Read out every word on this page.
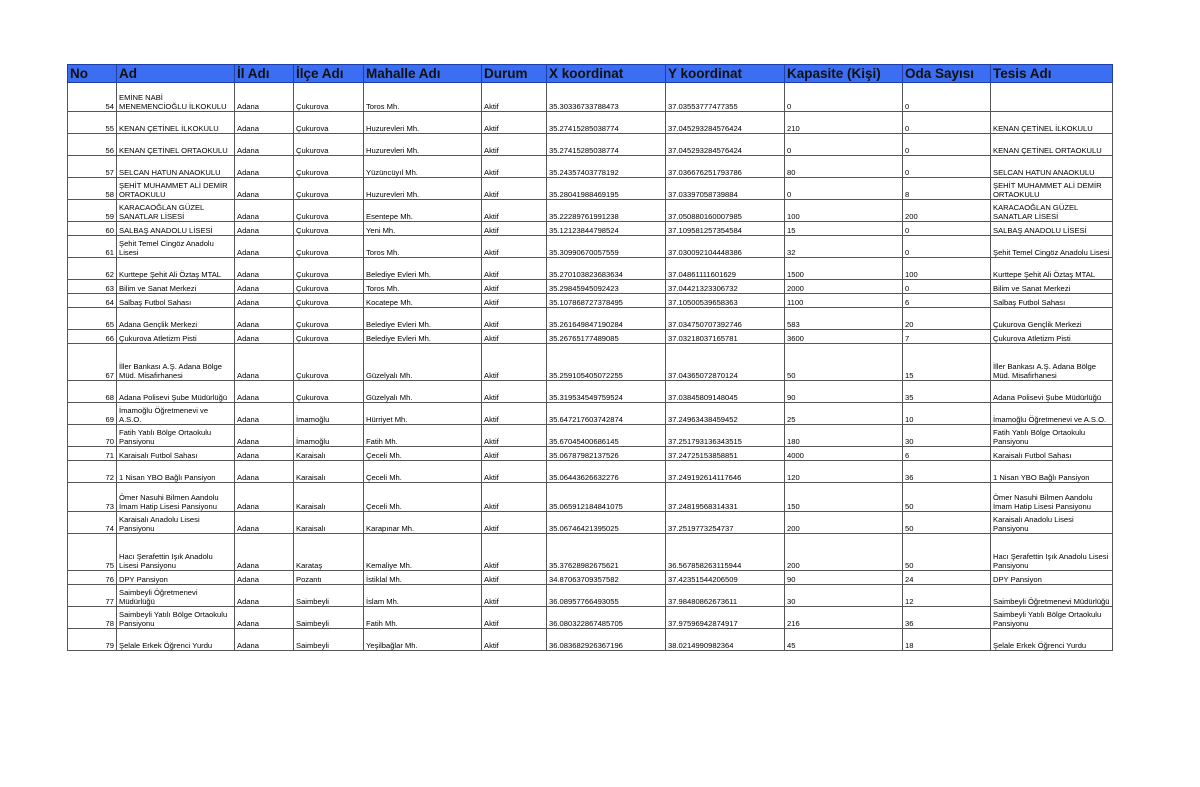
No	Ad	İl Adı	İlçe Adı	Mahalle Adı	Durum	X koordinat	Y koordinat	Kapasite (Kişi)	Oda Sayısı	Tesis Adı
54	EMİNE NABİ MENEMENCİOĞLU İLKOKULU	Adana	Çukurova	Toros Mh.	Aktif	35.30336733788473	37.03553777477355	0	0	
55	KENAN ÇETİNEL İLKOKULU	Adana	Çukurova	Huzurevleri Mh.	Aktif	35.27415285038774	37.045293284576424	210	0	KENAN ÇETİNEL İLKOKULU
56	KENAN ÇETİNEL ORTAOKULU	Adana	Çukurova	Huzurevleri Mh.	Aktif	35.27415285038774	37.045293284576424	0	0	KENAN ÇETİNEL ORTAOKULU
57	SELCAN HATUN ANAOKULU	Adana	Çukurova	Yüzüncüyıl Mh.	Aktif	35.24357403778192	37.036676251793786	80	0	SELCAN HATUN ANAOKULU
58	ŞEHİT MUHAMMET ALİ DEMİR ORTAOKULU	Adana	Çukurova	Huzurevleri Mh.	Aktif	35.28041988469195	37.03397058739884	0	8	ŞEHİT MUHAMMET ALİ DEMİR ORTAOKULU
59	KARACAOĞLAN GÜZEL SANATLAR LİSESİ	Adana	Çukurova	Esentepe Mh.	Aktif	35.22289761991238	37.050880160007985	100	200	KARACAOĞLAN GÜZEL SANATLAR LİSESİ
60	SALBAŞ ANADOLU LİSESİ	Adana	Çukurova	Yeni Mh.	Aktif	35.12123844798524	37.109581257354584	15	0	SALBAŞ ANADOLU LİSESİ
61	Şehit Temel Cingöz Anadolu Lisesi	Adana	Çukurova	Toros Mh.	Aktif	35.30990670057559	37.030092104448386	32	0	Şehit Temel Cingöz Anadolu Lisesi
62	Kurttepe Şehit Ali Öztaş MTAL	Adana	Çukurova	Belediye Evleri Mh.	Aktif	35.270103823683634	37.04861111601629	1500	100	Kurttepe Şehit Ali Öztaş MTAL
63	Bilim ve Sanat Merkezi	Adana	Çukurova	Toros Mh.	Aktif	35.29845945092423	37.04421323306732	2000	0	Bilim ve Sanat Merkezi
64	Salbaş Futbol Sahası	Adana	Çukurova	Kocatepe Mh.	Aktif	35.107868727378495	37.10500539658363	1100	6	Salbaş Futbol Sahası
65	Adana Gençlik Merkezi	Adana	Çukurova	Belediye Evleri Mh.	Aktif	35.261649847190284	37.034750707392746	583	20	Çukurova Gençlik Merkezi
66	Çukurova Atletizm Pisti	Adana	Çukurova	Belediye Evleri Mh.	Aktif	35.26765177489085	37.03218037165781	3600	7	Çukurova Atletizm Pisti
67	İller Bankası A.Ş. Adana Bölge Müd. Misafirhanesi	Adana	Çukurova	Güzelyalı Mh.	Aktif	35.259105405072255	37.04365072870124	50	15	İller Bankası A.Ş. Adana Bölge Müd. Misafirhanesi
68	Adana Polisevi Şube Müdürlüğü	Adana	Çukurova	Güzelyalı Mh.	Aktif	35.319534549759524	37.03845809148045	90	35	Adana Polisevi Şube Müdürlüğü
69	İmamoğlu Öğretmenevi ve A.S.O.	Adana	İmamoğlu	Hürriyet Mh.	Aktif	35.647217603742874	37.24963438459452	25	10	İmamoğlu Öğretmenevi ve A.S.O.
70	Fatih Yatılı Bölge Ortaokulu Pansiyonu	Adana	İmamoğlu	Fatih Mh.	Aktif	35.67045400686145	37.251793136343515	180	30	Fatih Yatılı Bölge Ortaokulu Pansiyonu
71	Karaisalı Futbol Sahası	Adana	Karaisalı	Çeceli Mh.	Aktif	35.06787982137526	37.24725153858851	4000	6	Karaisalı Futbol Sahası
72	1 Nisan YBO Bağlı Pansiyon	Adana	Karaisalı	Çeceli Mh.	Aktif	35.06443626632276	37.249192614117646	120	36	1 Nisan YBO Bağlı Pansiyon
73	Ömer Nasuhi Bilmen Aandolu İmam Hatip Lisesi Pansiyonu	Adana	Karaisalı	Çeceli Mh.	Aktif	35.065912184841075	37.24819568314331	150	50	Ömer Nasuhi Bilmen Aandolu İmam Hatip Lisesi Pansiyonu
74	Karaisalı Anadolu Lisesi Pansiyonu	Adana	Karaisalı	Karapınar Mh.	Aktif	35.06746421395025	37.2519773254737	200	50	Karaisalı Anadolu Lisesi Pansiyonu
75	Hacı Şerafettin Işık Anadolu Lisesi Pansiyonu	Adana	Karataş	Kemaliye Mh.	Aktif	35.37628982675621	36.567858263115944	200	50	Hacı Şerafettin Işık Anadolu Lisesi Pansiyonu
76	DPY Pansiyon	Adana	Pozantı	İstiklal Mh.	Aktif	34.87063709357582	37.42351544206509	90	24	DPY Pansiyon
77	Saimbeyli Öğretmenevi Müdürlüğü	Adana	Saimbeyli	İslam Mh.	Aktif	36.08957766493055	37.98480862673611	30	12	Saimbeyli Öğretmenevi Müdürlüğü
78	Saimbeyli Yatılı Bölge Ortaokulu Pansiyonu	Adana	Saimbeyli	Fatih Mh.	Aktif	36.080322867485705	37.97596942874917	216	36	Saimbeyli Yatılı Bölge Ortaokulu Pansiyonu
79	Şelale Erkek Öğrenci Yurdu	Adana	Saimbeyli	Yeşilbağlar Mh.	Aktif	36.083682926367196	38.0214990982364	45	18	Şelale Erkek Öğrenci Yurdu
